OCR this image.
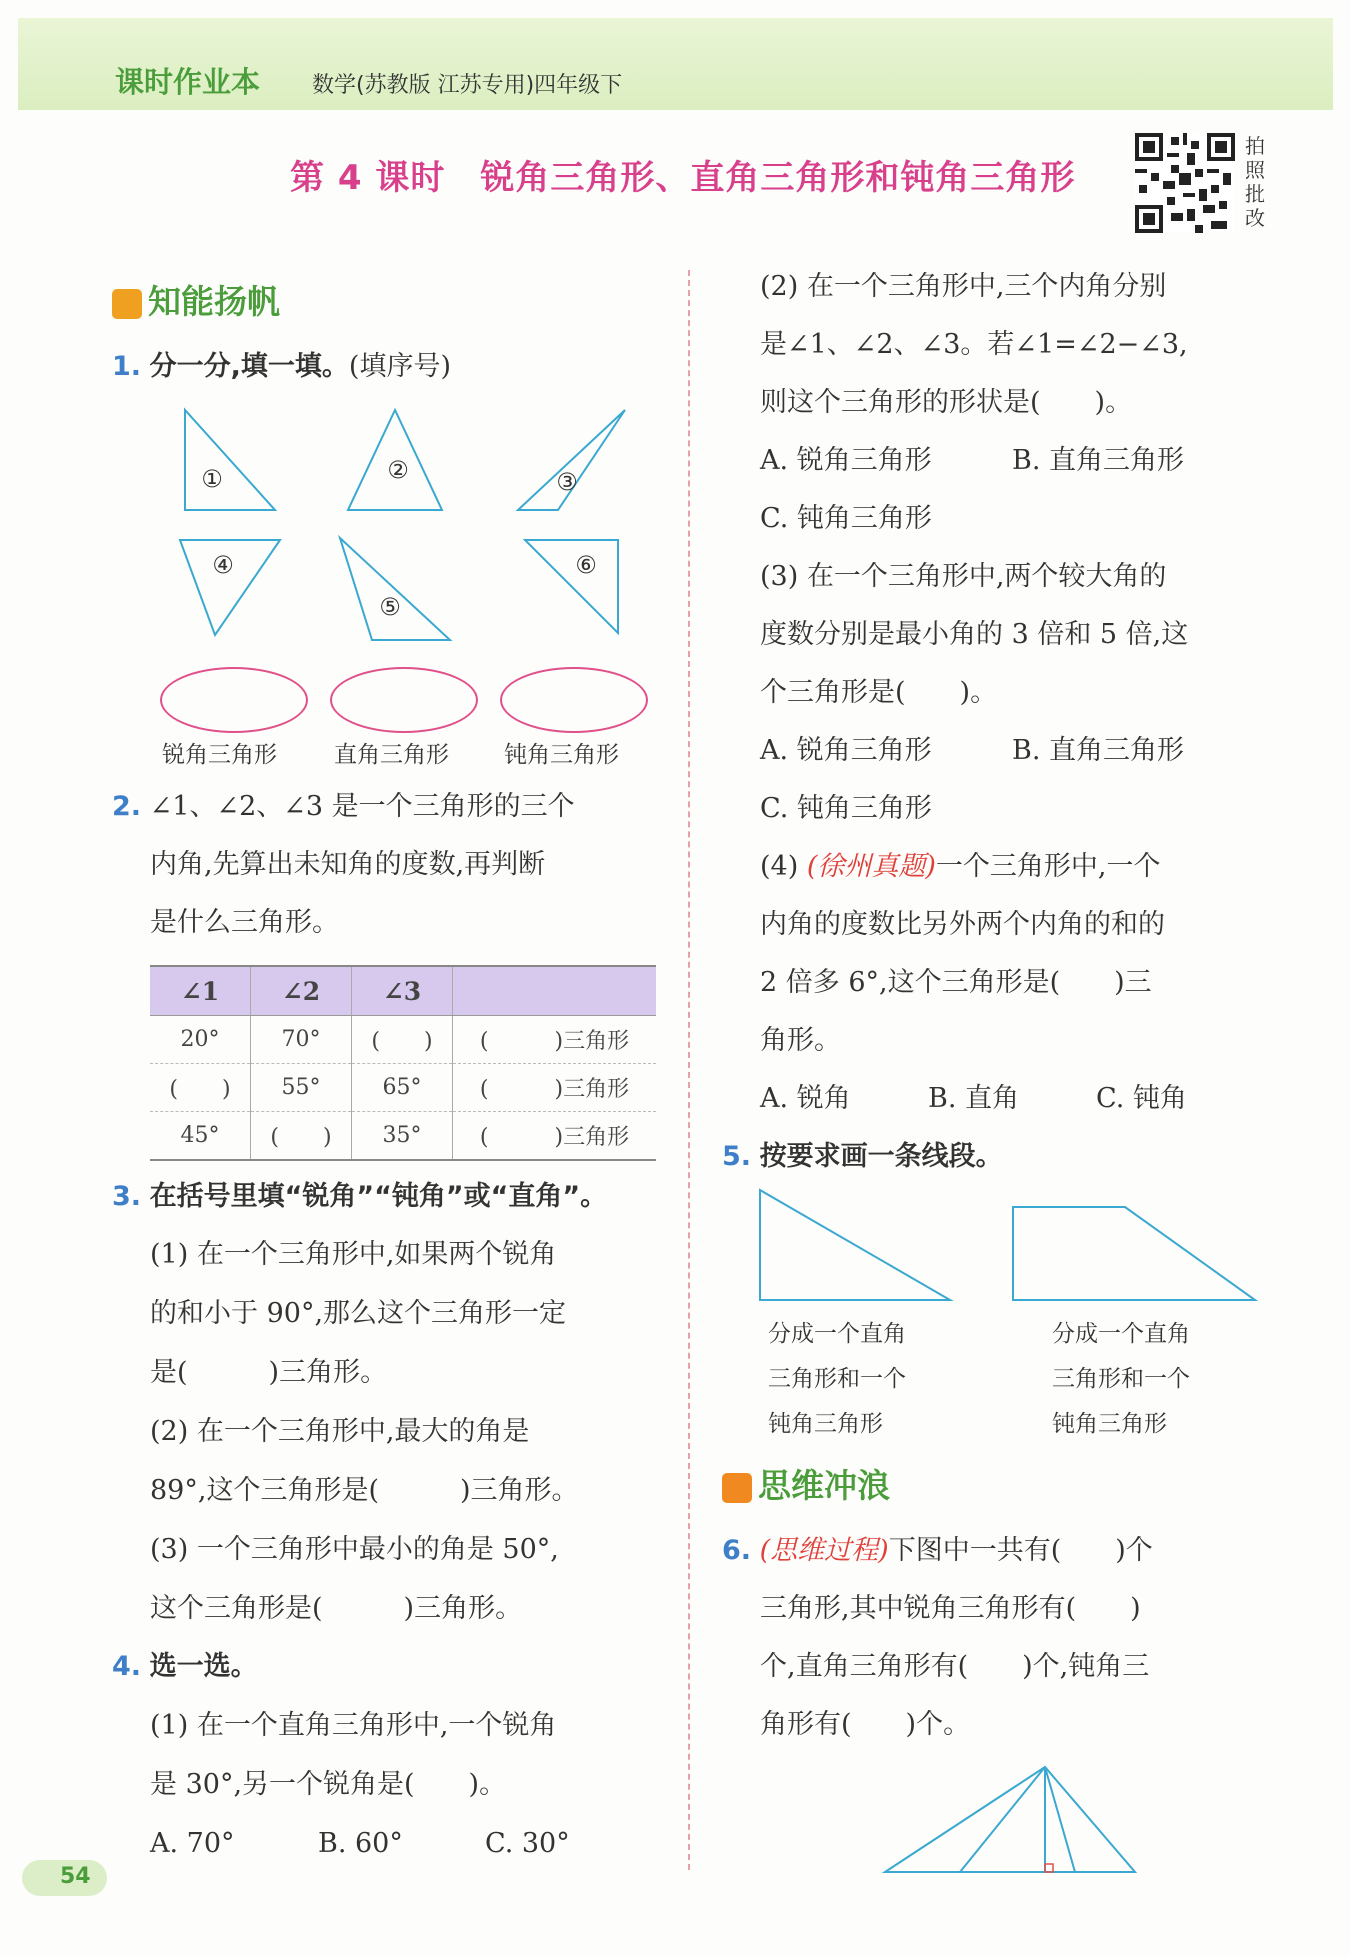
课时作业本 数学(苏教版 江苏专用)四年级下
第 4 课时　 锐角三角形、直角三角形和钝角三角形
拍照批改
知能扬帆
1. 分一分,填一填。(填序号)
①	②	③
④
⑤
⑥
锐角三角形 直角三角形 钝角三角形
2. ∠1、∠2、∠3 是一个三角形的三个
内角,先算出未知角的度数,再判断
是什么三角形。
∠1	∠2	∠3	
20°	70°	(　　)	(　　　)三角形
(　　)	55°	65°	(　　　)三角形
45°	(　　)	35°	(　　　)三角形
3. 在括号里填“锐角”“钝角”或“直角”。
(1) 在一个三角形中,如果两个锐角
的和小于 90°,那么这个三角形一定
是(　　　)三角形。
(2) 在一个三角形中,最大的角是
89°,这个三角形是(　　　)三角形。
(3) 一个三角形中最小的角是 50°,
这个三角形是(　　　)三角形。
4. 选一选。
(1) 在一个直角三角形中,一个锐角
是 30°,另一个锐角是(　　)。
A. 70°	B. 60°	C. 30°
(2) 在一个三角形中,三个内角分别
是∠1、∠2、∠3。若∠1=∠2−∠3,
则这个三角形的形状是(　　)。
A. 锐角三角形	B. 直角三角形
C. 钝角三角形
(3) 在一个三角形中,两个较大角的
度数分别是最小角的 3 倍和 5 倍,这
个三角形是(　　)。
A. 锐角三角形	B. 直角三角形
C. 钝角三角形
(4) (徐州真题)一个三角形中,一个
内角的度数比另外两个内角的和的
2 倍多 6°,这个三角形是(　　)三
角形。
A. 锐角	B. 直角	C. 钝角
5. 按要求画一条线段。
分成一个直角
三角形和一个
钝角三角形
分成一个直角
三角形和一个
钝角三角形
思维冲浪
6. (思维过程)下图中一共有(　　)个
三角形,其中锐角三角形有(　　)
个,直角三角形有(　　)个,钝角三
角形有(　　)个。
54
